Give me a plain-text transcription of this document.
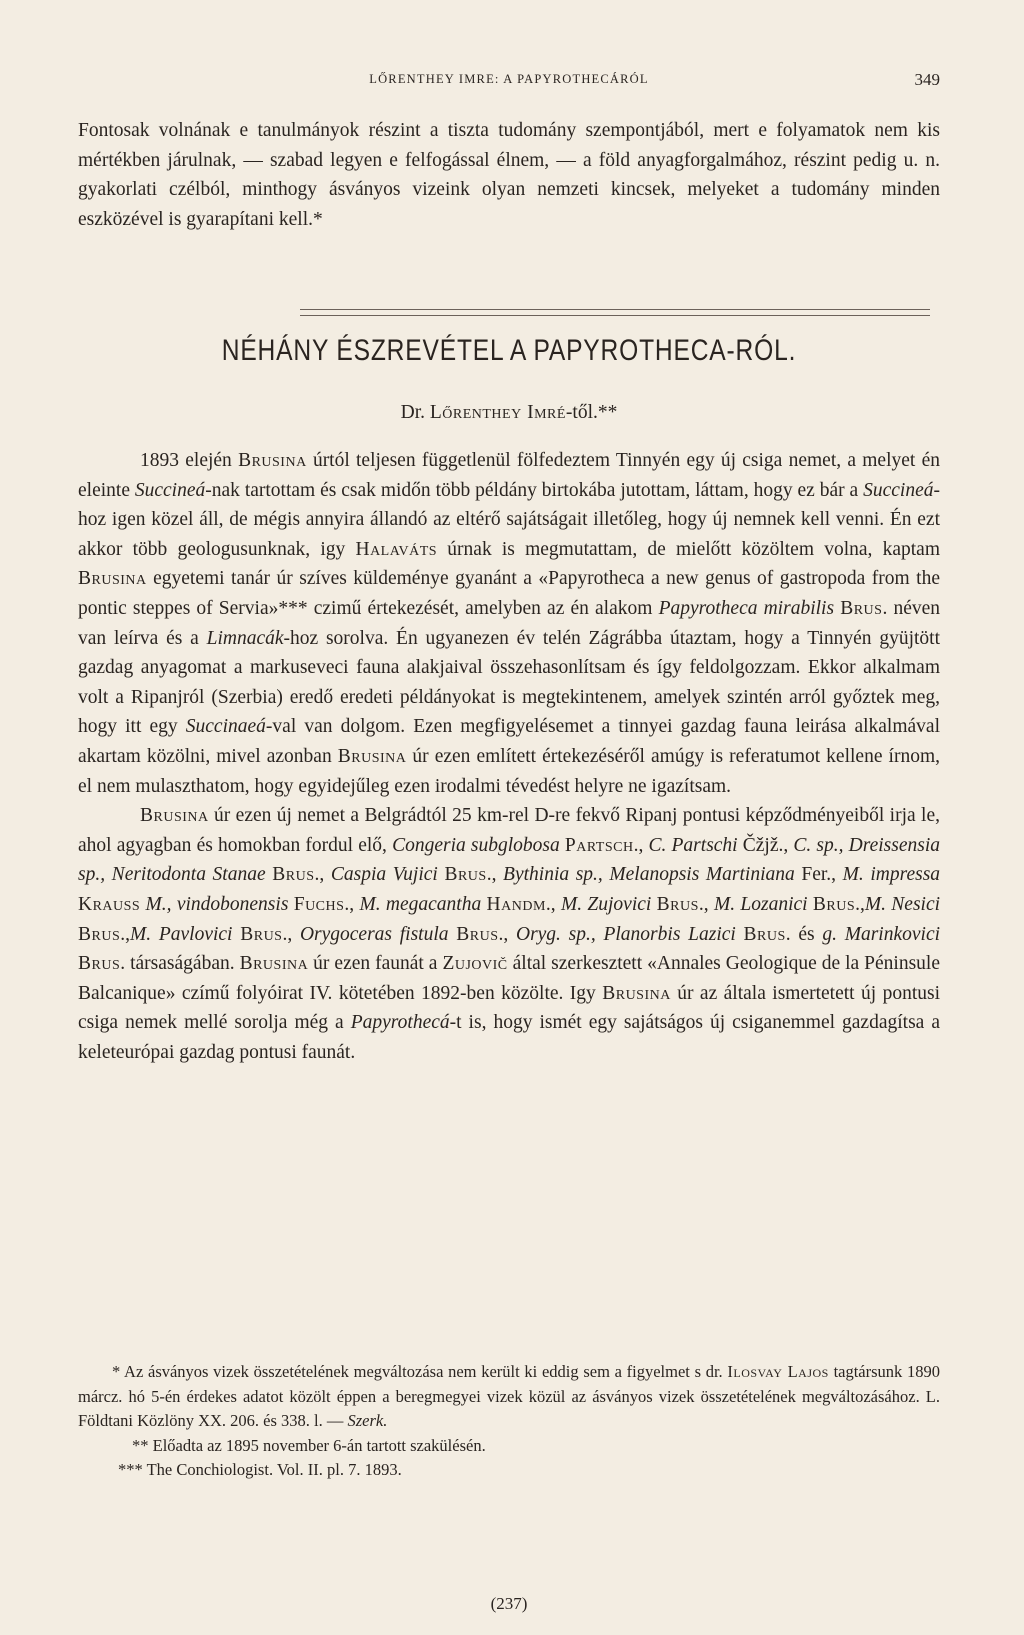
LŐRENTHEY IMRE: A PAPYROTHECÁRÓL	349

Fontosak volnának e tanulmányok részint a tiszta tudomány szempontjából, mert e folyamatok nem kis mértékben járulnak, — szabad legyen e felfogással élnem, — a föld anyagforgalmához, részint pedig u. n. gyakorlati czélból, minthogy ásványos vizeink olyan nemzeti kincsek, melyeket a tudomány minden eszközével is gyarapítani kell.*

NÉHÁNY ÉSZREVÉTEL A PAPYROTHECA-RÓL.
Dr. Lőrenthey Imré-től.**

1893 elején Brusina úrtól teljesen függetlenül fölfedeztem Tinnyén egy új csiga nemet, a melyet én eleinte Succineá-nak tartottam és csak midőn több példány birtokába jutottam, láttam, hogy ez bár a Succineá-hoz igen közel áll, de mégis annyira állandó az eltérő sajátságait illetőleg, hogy új nemnek kell venni. Én ezt akkor több geologusunknak, igy Halaváts úrnak is megmutattam, de mielőtt közöltem volna, kaptam Brusina egyetemi tanár úr szíves küldeménye gyanánt a «Papyrotheca a new genus of gastropoda from the pontic steppes of Servia»*** czimű értekezését, amelyben az én alakom Papyrotheca mirabilis Brus. néven van leírva és a Limnacák-hoz sorolva. Én ugyanezen év telén Zágrábba útaztam, hogy a Tinnyén gyüjtött gazdag anyagomat a markuseveci fauna alakjaival összehasonlítsam és így feldolgozzam. Ekkor alkalmam volt a Ripanjról (Szerbia) eredő eredeti példányokat is megtekintenem, amelyek szintén arról győztek meg, hogy itt egy Succinaeá-val van dolgom. Ezen megfigyelésemet a tinnyei gazdag fauna leirása alkalmával akartam közölni, mivel azonban Brusina úr ezen említett értekezéséről amúgy is referatumot kellene írnom, el nem mulaszthatom, hogy egyidejűleg ezen irodalmi tévedést helyre ne igazítsam.

Brusina úr ezen új nemet a Belgrádtól 25 km-rel D-re fekvő Ripanj pontusi képződményeiből irja le, ahol agyagban és homokban fordul elő, Congeria subglobosa Partsch., C. Partschi Čžjž., C. sp., Dreissensia sp., Neritodonta Stanae Brus., Caspia Vujici Brus., Bythinia sp., Melanopsis Martiniana Fer., M. impressa Krauss M., vindobonensis Fuchs., M. megacantha Handm., M. Zujovici Brus., M. Lozanici Brus.,M. Nesici Brus.,M. Pavlovici Brus., Orygoceras fistula Brus., Oryg. sp., Planorbis Lazici Brus. és g. Marinkovici Brus. társaságában. Brusina úr ezen faunát a Zujovič által szerkesztett «Annales Geologique de la Péninsule Balcanique» czímű folyóirat IV. kötetében 1892-ben közölte. Igy Brusina úr az általa ismertetett új pontusi csiga nemek mellé sorolja még a Papyrothecá-t is, hogy ismét egy sajátságos új csiganemmel gazdagítsa a keleteurópai gazdag pontusi faunát.

* Az ásványos vizek összetételének megváltozása nem került ki eddig sem a figyelmet s dr. Ilosvay Lajos tagtársunk 1890 márcz. hó 5-én érdekes adatot közölt éppen a beregmegyei vizek közül az ásványos vizek összetételének megváltozásához. L. Földtani Közlöny XX. 206. és 338. l. — Szerk.

** Előadta az 1895 november 6-án tartott szakülésén.

*** The Conchiologist. Vol. II. pl. 7. 1893.

(237)
